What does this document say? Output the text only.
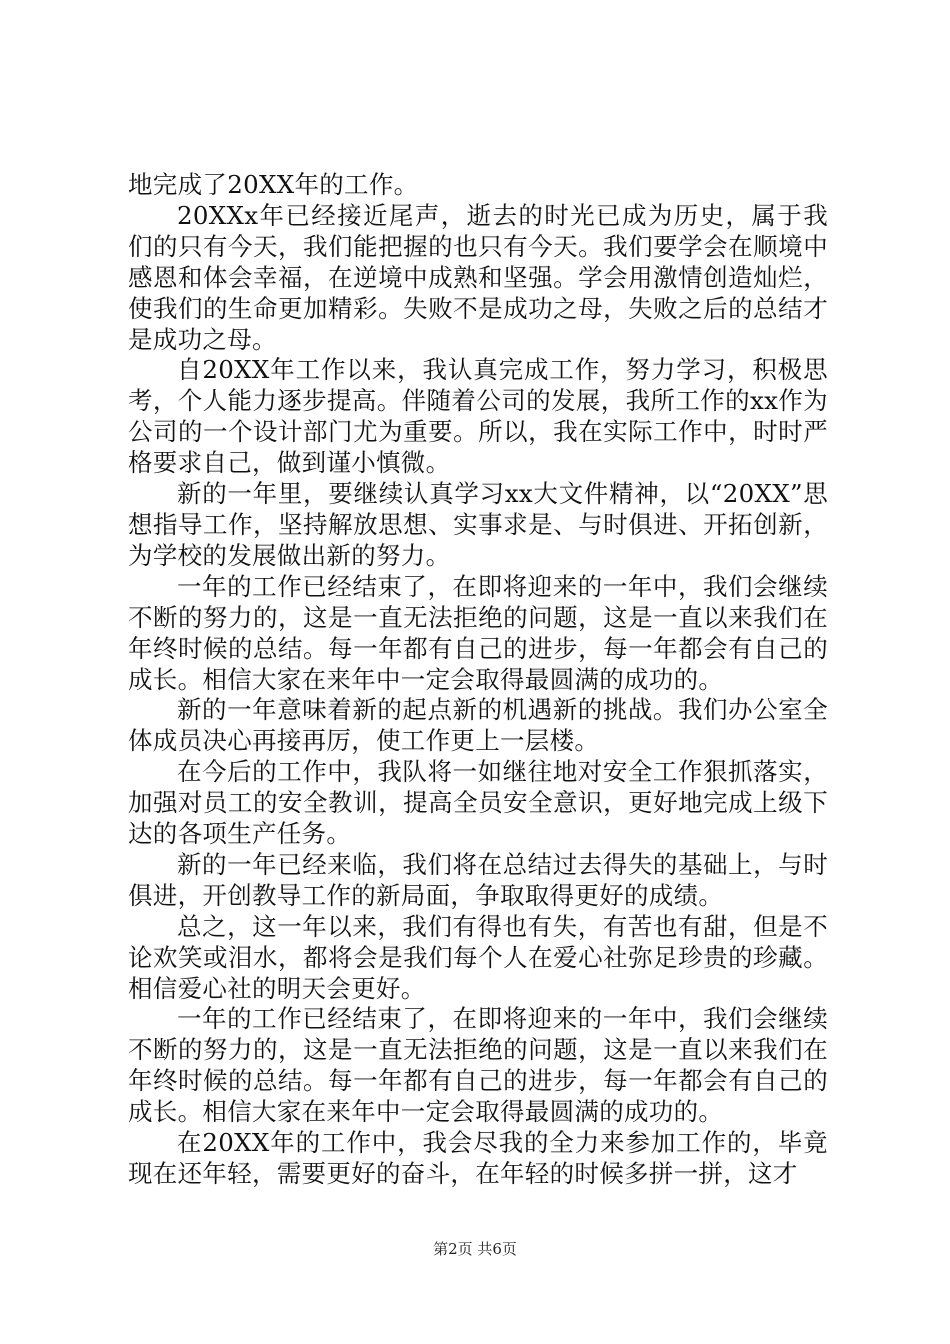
地完成了20XX年的工作。

20XXx年已经接近尾声，逝去的时光已成为历史，属于我们的只有今天，我们能把握的也只有今天。我们要学会在顺境中感恩和体会幸福，在逆境中成熟和坚强。学会用激情创造灿烂，使我们的生命更加精彩。失败不是成功之母，失败之后的总结才是成功之母。

自20XX年工作以来，我认真完成工作，努力学习，积极思考，个人能力逐步提高。伴随着公司的发展，我所工作的xx作为公司的一个设计部门尤为重要。所以，我在实际工作中，时时严格要求自己，做到谨小慎微。

新的一年里，要继续认真学习xx大文件精神，以“20XX”思想指导工作，坚持解放思想、实事求是、与时俱进、开拓创新，为学校的发展做出新的努力。

一年的工作已经结束了，在即将迎来的一年中，我们会继续不断的努力的，这是一直无法拒绝的问题，这是一直以来我们在年终时候的总结。每一年都有自己的进步，每一年都会有自己的成长。相信大家在来年中一定会取得最圆满的成功的。

新的一年意味着新的起点新的机遇新的挑战。我们办公室全体成员决心再接再厉，使工作更上一层楼。

在今后的工作中，我队将一如继往地对安全工作狠抓落实，加强对员工的安全教训，提高全员安全意识，更好地完成上级下达的各项生产任务。

新的一年已经来临，我们将在总结过去得失的基础上，与时俱进，开创教导工作的新局面，争取取得更好的成绩。

总之，这一年以来，我们有得也有失，有苦也有甜，但是不论欢笑或泪水，都将会是我们每个人在爱心社弥足珍贵的珍藏。相信爱心社的明天会更好。

一年的工作已经结束了，在即将迎来的一年中，我们会继续不断的努力的，这是一直无法拒绝的问题，这是一直以来我们在年终时候的总结。每一年都有自己的进步，每一年都会有自己的成长。相信大家在来年中一定会取得最圆满的成功的。

在20XX年的工作中，我会尽我的全力来参加工作的，毕竟现在还年轻，需要更好的奋斗，在年轻的时候多拼一拼，这才

第2页 共6页
